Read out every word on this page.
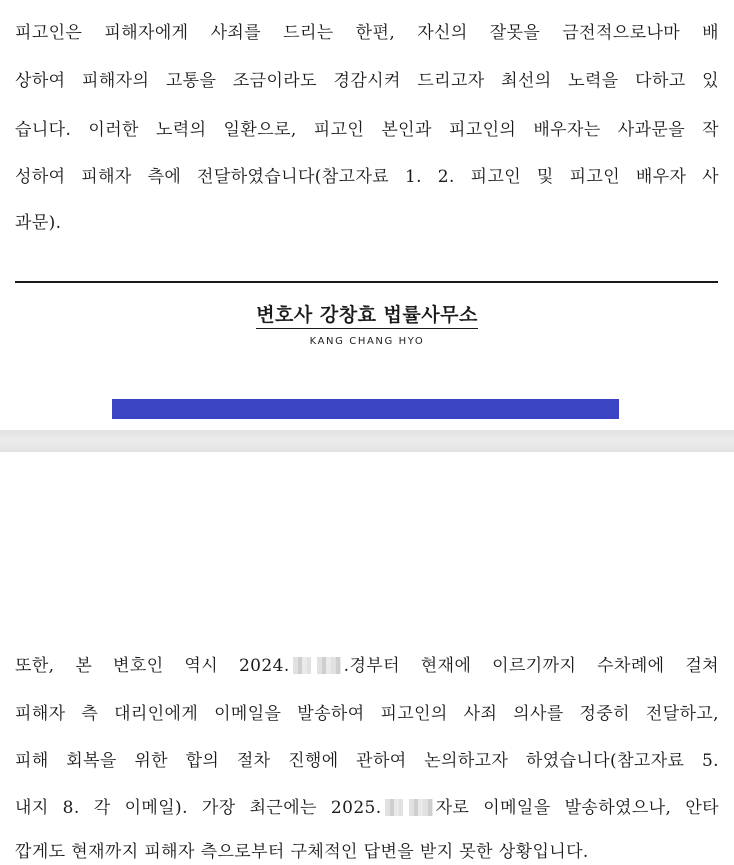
피고인은 피해자에게 사죄를 드리는 한편, 자신의 잘못을 금전적으로나마 배
상하여 피해자의 고통을 조금이라도 경감시켜 드리고자 최선의 노력을 다하고 있
습니다. 이러한 노력의 일환으로, 피고인 본인과 피고인의 배우자는 사과문을 작
성하여 피해자 측에 전달하였습니다(참고자료 1. 2. 피고인 및 피고인 배우자 사
과문).
변호사 강창효 법률사무소
KANG CHANG HYO
또한, 본 변호인 역시 2024.	.경부터 현재에 이르기까지 수차례에 걸쳐
피해자 측 대리인에게 이메일을 발송하여 피고인의 사죄 의사를 정중히 전달하고,
피해 회복을 위한 합의 절차 진행에 관하여 논의하고자 하였습니다(참고자료 5.
내지 8. 각 이메일). 가장 최근에는 2025.	자로 이메일을 발송하였으나, 안타
깝게도 현재까지 피해자 측으로부터 구체적인 답변을 받지 못한 상황입니다.
